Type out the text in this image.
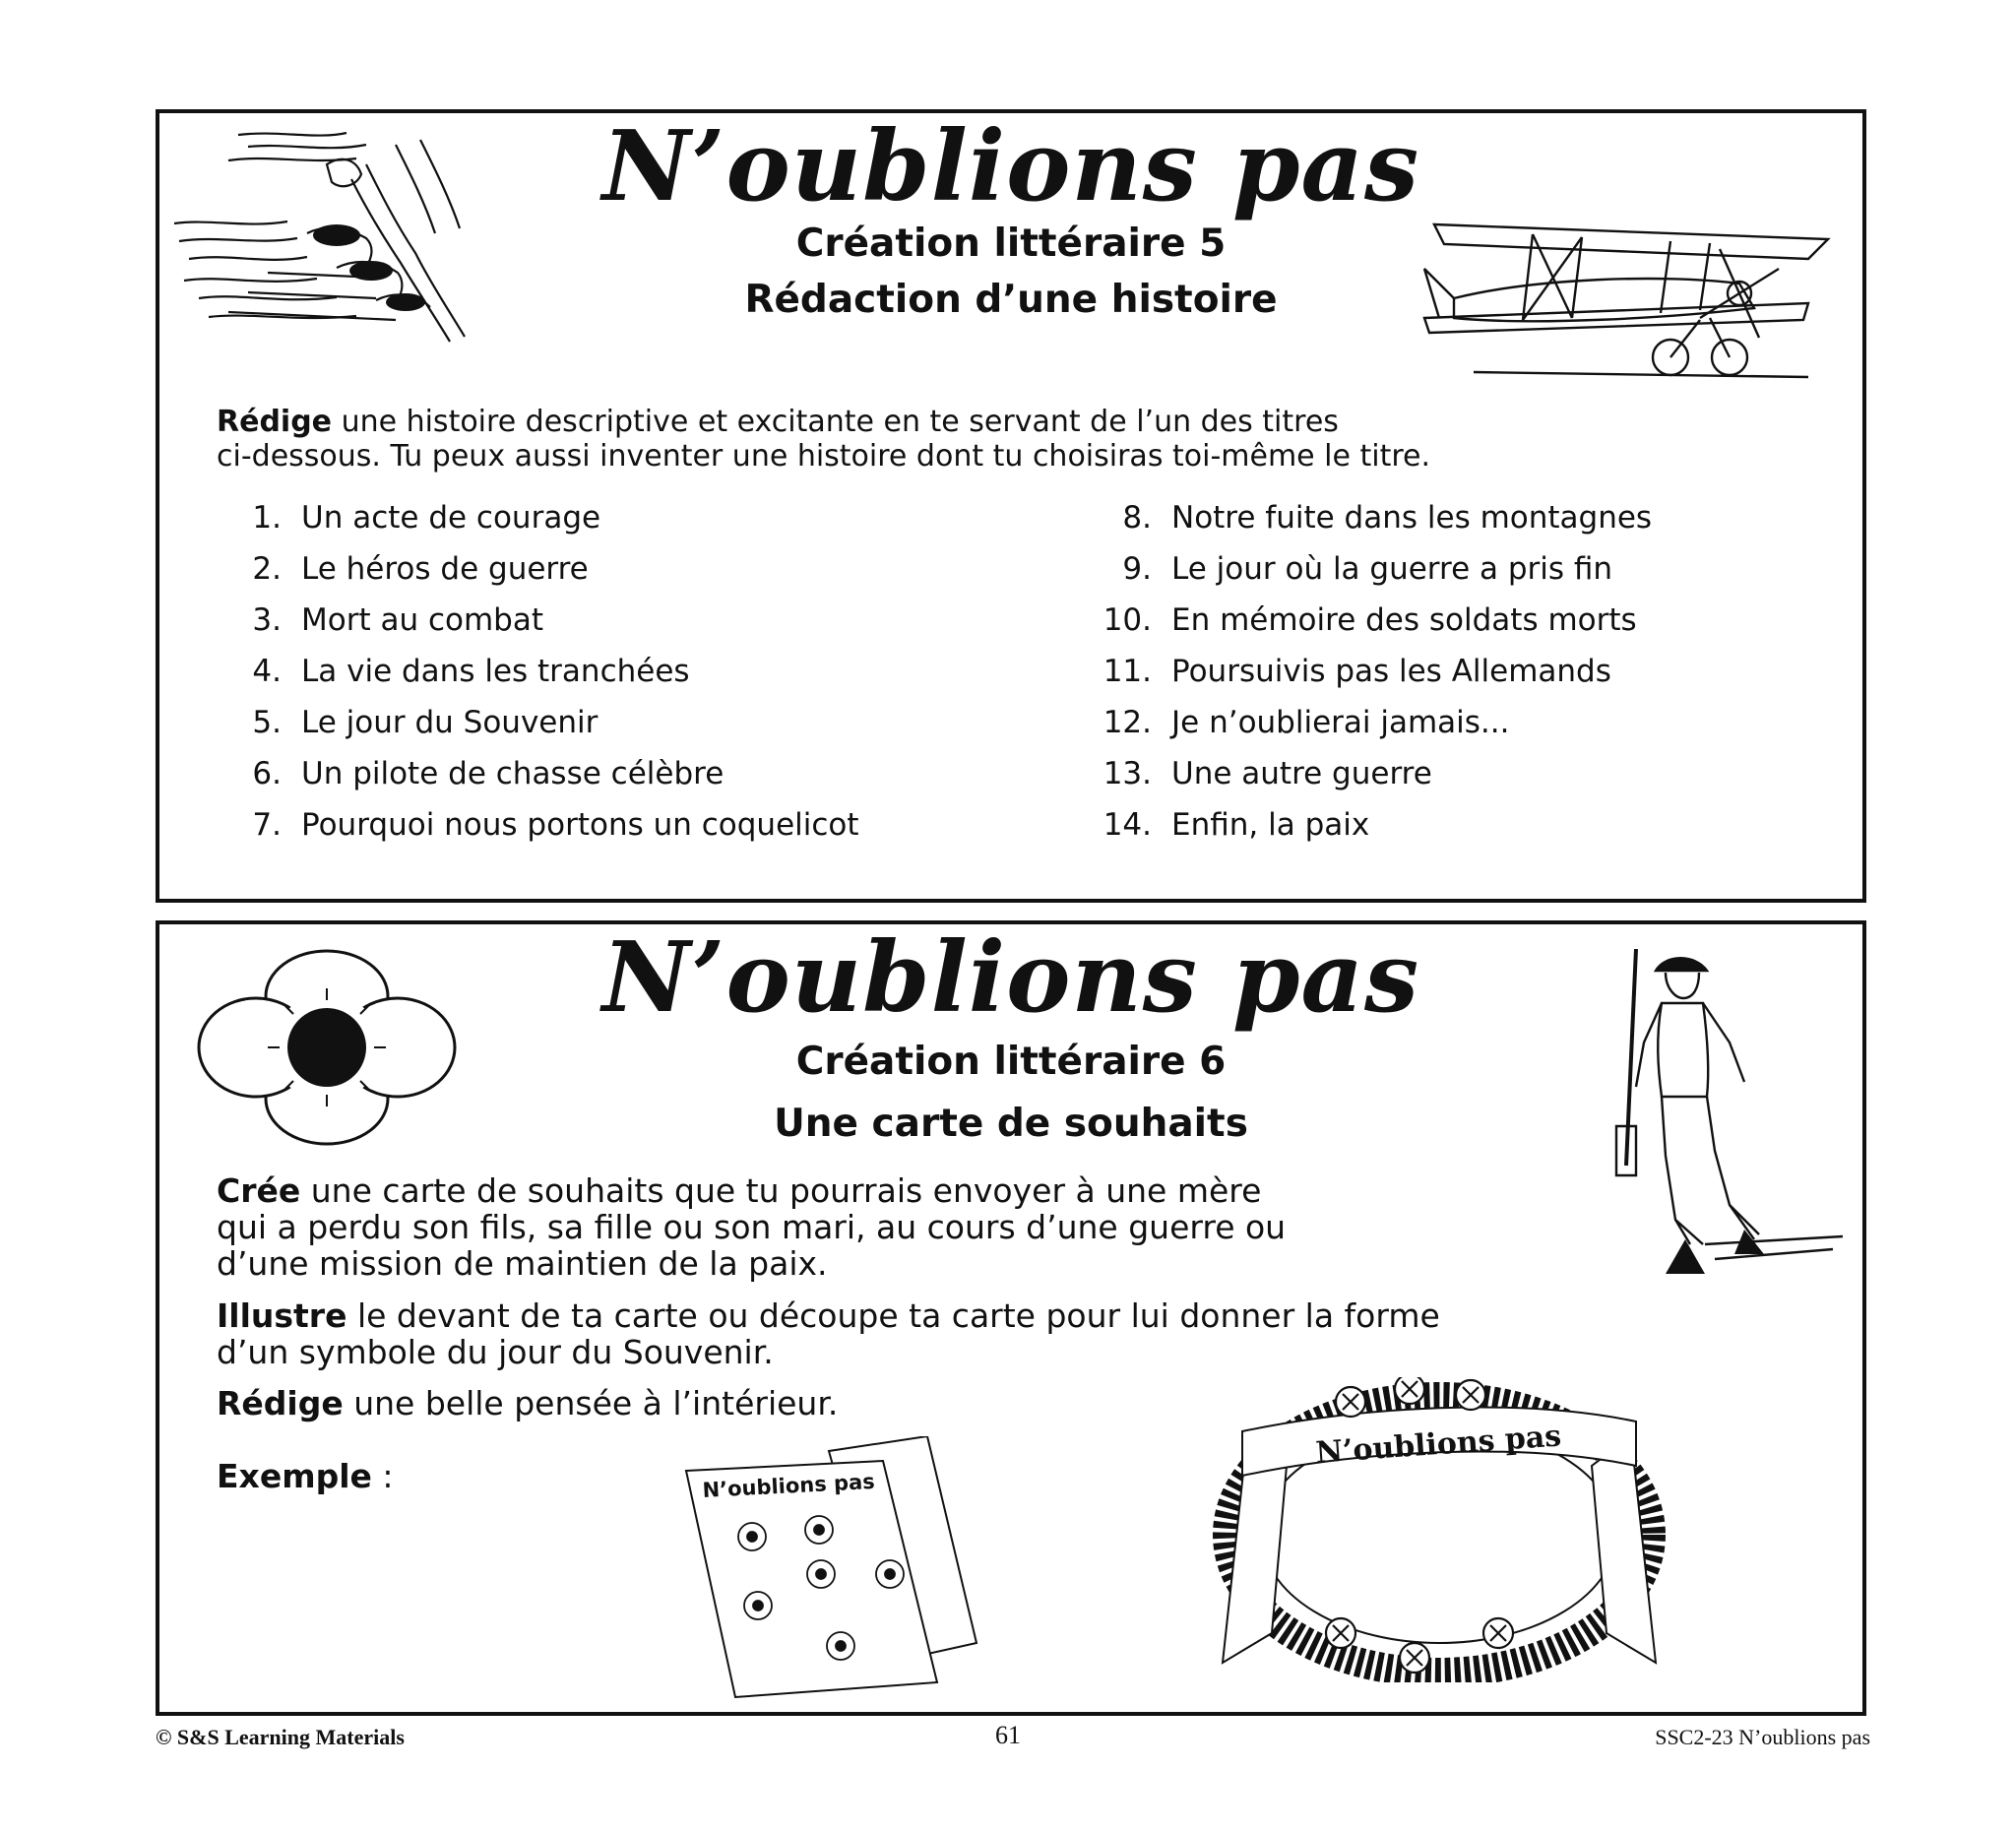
N’oublions pas
Création littéraire 5
Rédaction d’une histoire

Rédige une histoire descriptive et excitante en te servant de l’un des titres
ci-dessous. Tu peux aussi inventer une histoire dont tu choisiras toi-même le titre.

1. Un acte de courage
2. Le héros de guerre
3. Mort au combat
4. La vie dans les tranchées
5. Le jour du Souvenir
6. Un pilote de chasse célèbre
7. Pourquoi nous portons un coquelicot
8. Notre fuite dans les montagnes
9. Le jour où la guerre a pris fin
10. En mémoire des soldats morts
11. Poursuivis pas les Allemands
12. Je n’oublierai jamais...
13. Une autre guerre
14. Enfin, la paix
N’oublions pas
Création littéraire 6
Une carte de souhaits

Crée une carte de souhaits que tu pourrais envoyer à une mère
qui a perdu son fils, sa fille ou son mari, au cours d’une guerre ou
d’une mission de maintien de la paix.

Illustre le devant de ta carte ou découpe ta carte pour lui donner la forme
d’un symbole du jour du Souvenir.

Rédige une belle pensée à l’intérieur.

Exemple :	N’oublions pas
N’oublions pas
© S&S Learning Materials	61	SSC2-23 N’oublions pas
